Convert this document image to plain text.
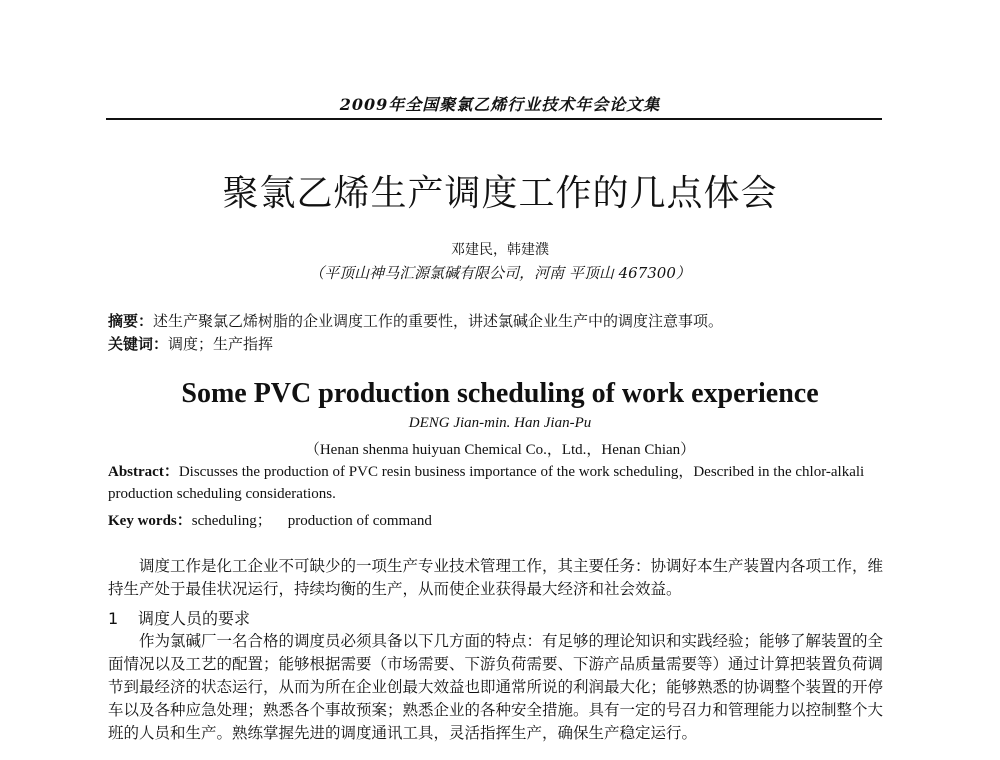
2009年全国聚氯乙烯行业技术年会论文集
聚氯乙烯生产调度工作的几点体会
邓建民，韩建濮
（平顶山神马汇源氯碱有限公司，河南 平顶山 467300）
摘要：述生产聚氯乙烯树脂的企业调度工作的重要性，讲述氯碱企业生产中的调度注意事项。
关键词：调度；生产指挥
Some PVC production scheduling of work experience
DENG Jian-min. Han Jian-Pu
（Henan shenma huiyuan Chemical Co.，Ltd.，Henan Chian）
Abstract：Discusses the production of PVC resin business importance of the work scheduling，Described in the chlor-alkali production scheduling considerations.
Key words：scheduling； production of command
调度工作是化工企业不可缺少的一项生产专业技术管理工作，其主要任务：协调好本生产装置内各项工作，维持生产处于最佳状况运行，持续均衡的生产，从而使企业获得最大经济和社会效益。
1 调度人员的要求
作为氯碱厂一名合格的调度员必须具备以下几方面的特点：有足够的理论知识和实践经验；能够了解装置的全面情况以及工艺的配置；能够根据需要（市场需要、下游负荷需要、下游产品质量需要等）通过计算把装置负荷调节到最经济的状态运行，从而为所在企业创最大效益也即通常所说的利润最大化；能够熟悉的协调整个装置的开停车以及各种应急处理；熟悉各个事故预案；熟悉企业的各种安全措施。具有一定的号召力和管理能力以控制整个大班的人员和生产。熟练掌握先进的调度通讯工具，灵活指挥生产，确保生产稳定运行。
